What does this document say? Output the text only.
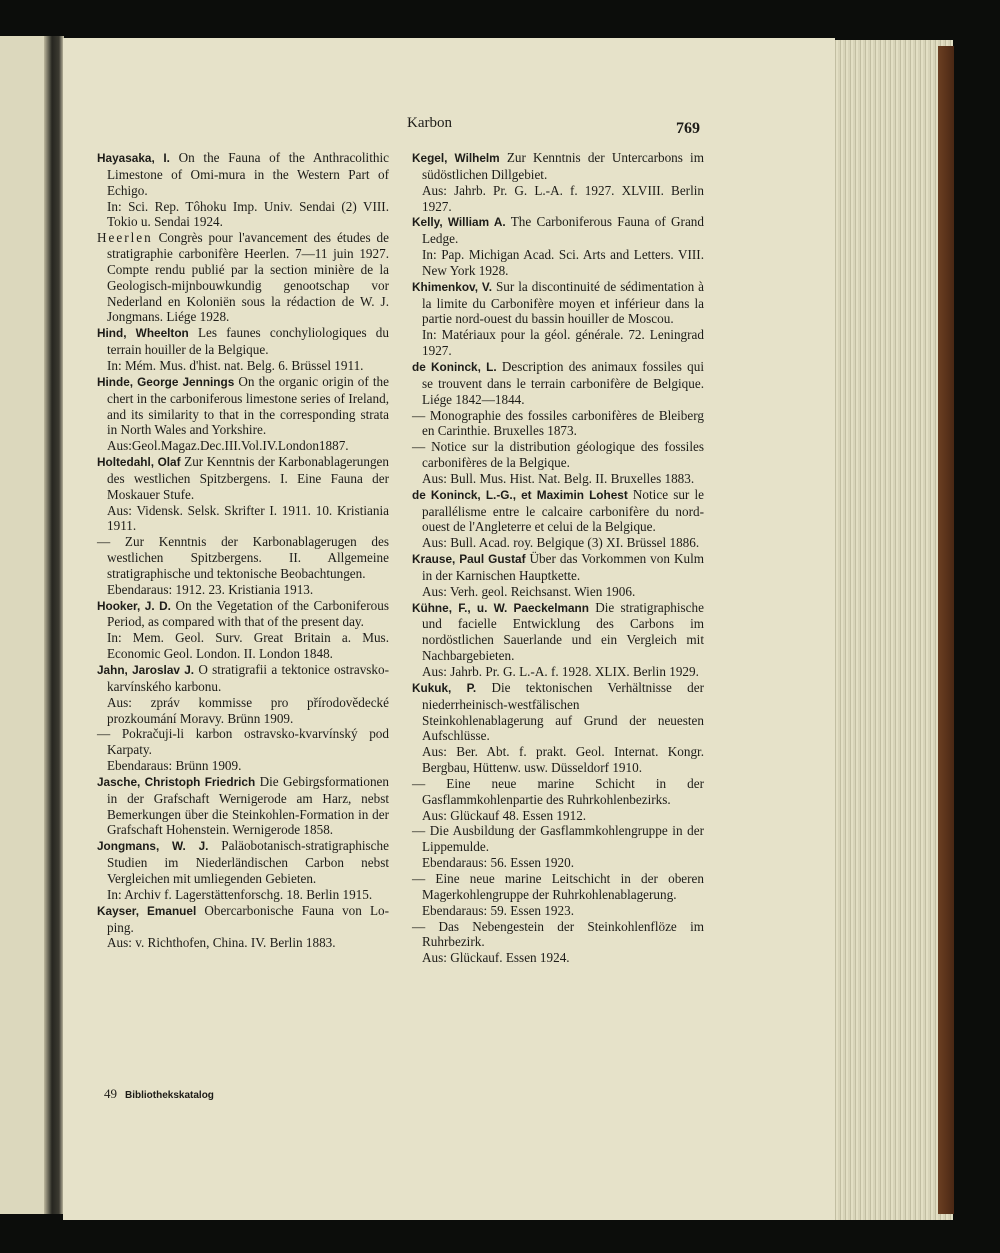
Karbon	769

Hayasaka, I. On the Fauna of the Anthracolithic Limestone of Omi-mura in the Western Part of Echigo.

In: Sci. Rep. Tôhoku Imp. Univ. Sendai (2) VIII. Tokio u. Sendai 1924.

Heerlen Congrès pour l'avancement des études de stratigraphie carbonifère Heerlen. 7—11 juin 1927. Compte rendu publié par la section minière de la Geologisch-mijnbouwkundig genootschap vor Nederland en Koloniën sous la rédaction de W. J. Jongmans. Liége 1928.

Hind, Wheelton Les faunes conchyliologiques du terrain houiller de la Belgique.

In: Mém. Mus. d'hist. nat. Belg. 6. Brüssel 1911.

Hinde, George Jennings On the organic origin of the chert in the carboniferous limestone series of Ireland, and its similarity to that in the corresponding strata in North Wales and Yorkshire.

Aus:Geol.Magaz.Dec.III.Vol.IV.London1887.

Holtedahl, Olaf Zur Kenntnis der Karbonablagerungen des westlichen Spitzbergens. I. Eine Fauna der Moskauer Stufe.

Aus: Vidensk. Selsk. Skrifter I. 1911. 10. Kristiania 1911.

— Zur Kenntnis der Karbonablagerugen des westlichen Spitzbergens. II. Allgemeine stratigraphische und tektonische Beobachtungen.

Ebendaraus: 1912. 23. Kristiania 1913.

Hooker, J. D. On the Vegetation of the Carboniferous Period, as compared with that of the present day.

In: Mem. Geol. Surv. Great Britain a. Mus. Economic Geol. London. II. London 1848.

Jahn, Jaroslav J. O stratigrafii a tektonice ostravsko-karvínského karbonu.

Aus: zpráv kommisse pro přírodovědecké prozkoumání Moravy. Brünn 1909.

— Pokračuji-li karbon ostravsko-kvarvínský pod Karpaty.

Ebendaraus: Brünn 1909.

Jasche, Christoph Friedrich Die Gebirgsformationen in der Grafschaft Wernigerode am Harz, nebst Bemerkungen über die Steinkohlen-Formation in der Grafschaft Hohenstein. Wernigerode 1858.

Jongmans, W. J. Paläobotanisch-stratigraphische Studien im Niederländischen Carbon nebst Vergleichen mit umliegenden Gebieten.

In: Archiv f. Lagerstättenforschg. 18. Berlin 1915.

Kayser, Emanuel Obercarbonische Fauna von Lo-ping.

Aus: v. Richthofen, China. IV. Berlin 1883.

Kegel, Wilhelm Zur Kenntnis der Untercarbons im südöstlichen Dillgebiet.

Aus: Jahrb. Pr. G. L.-A. f. 1927. XLVIII. Berlin 1927.

Kelly, William A. The Carboniferous Fauna of Grand Ledge.

In: Pap. Michigan Acad. Sci. Arts and Letters. VIII. New York 1928.

Khimenkov, V. Sur la discontinuité de sédimentation à la limite du Carbonifère moyen et inférieur dans la partie nord-ouest du bassin houiller de Moscou.

In: Matériaux pour la géol. générale. 72. Leningrad 1927.

de Koninck, L. Description des animaux fossiles qui se trouvent dans le terrain carbonifère de Belgique. Liége 1842—1844.

— Monographie des fossiles carbonifères de Bleiberg en Carinthie. Bruxelles 1873.

— Notice sur la distribution géologique des fossiles carbonifères de la Belgique.

Aus: Bull. Mus. Hist. Nat. Belg. II. Bruxelles 1883.

de Koninck, L.-G., et Maximin Lohest Notice sur le parallélisme entre le calcaire carbonifère du nord-ouest de l'Angleterre et celui de la Belgique.

Aus: Bull. Acad. roy. Belgique (3) XI. Brüssel 1886.

Krause, Paul Gustaf Über das Vorkommen von Kulm in der Karnischen Hauptkette.

Aus: Verh. geol. Reichsanst. Wien 1906.

Kühne, F., u. W. Paeckelmann Die stratigraphische und facielle Entwicklung des Carbons im nordöstlichen Sauerlande und ein Vergleich mit Nachbargebieten.

Aus: Jahrb. Pr. G. L.-A. f. 1928. XLIX. Berlin 1929.

Kukuk, P. Die tektonischen Verhältnisse der niederrheinisch-westfälischen Steinkohlenablagerung auf Grund der neuesten Aufschlüsse.

Aus: Ber. Abt. f. prakt. Geol. Internat. Kongr. Bergbau, Hüttenw. usw. Düsseldorf 1910.

— Eine neue marine Schicht in der Gasflammkohlenpartie des Ruhrkohlenbezirks.

Aus: Glückauf 48. Essen 1912.

— Die Ausbildung der Gasflammkohlengruppe in der Lippemulde.

Ebendaraus: 56. Essen 1920.

— Eine neue marine Leitschicht in der oberen Magerkohlengruppe der Ruhrkohlenablagerung.

Ebendaraus: 59. Essen 1923.

— Das Nebengestein der Steinkohlenflöze im Ruhrbezirk.

Aus: Glückauf. Essen 1924.

49 Bibliothekskatalog
